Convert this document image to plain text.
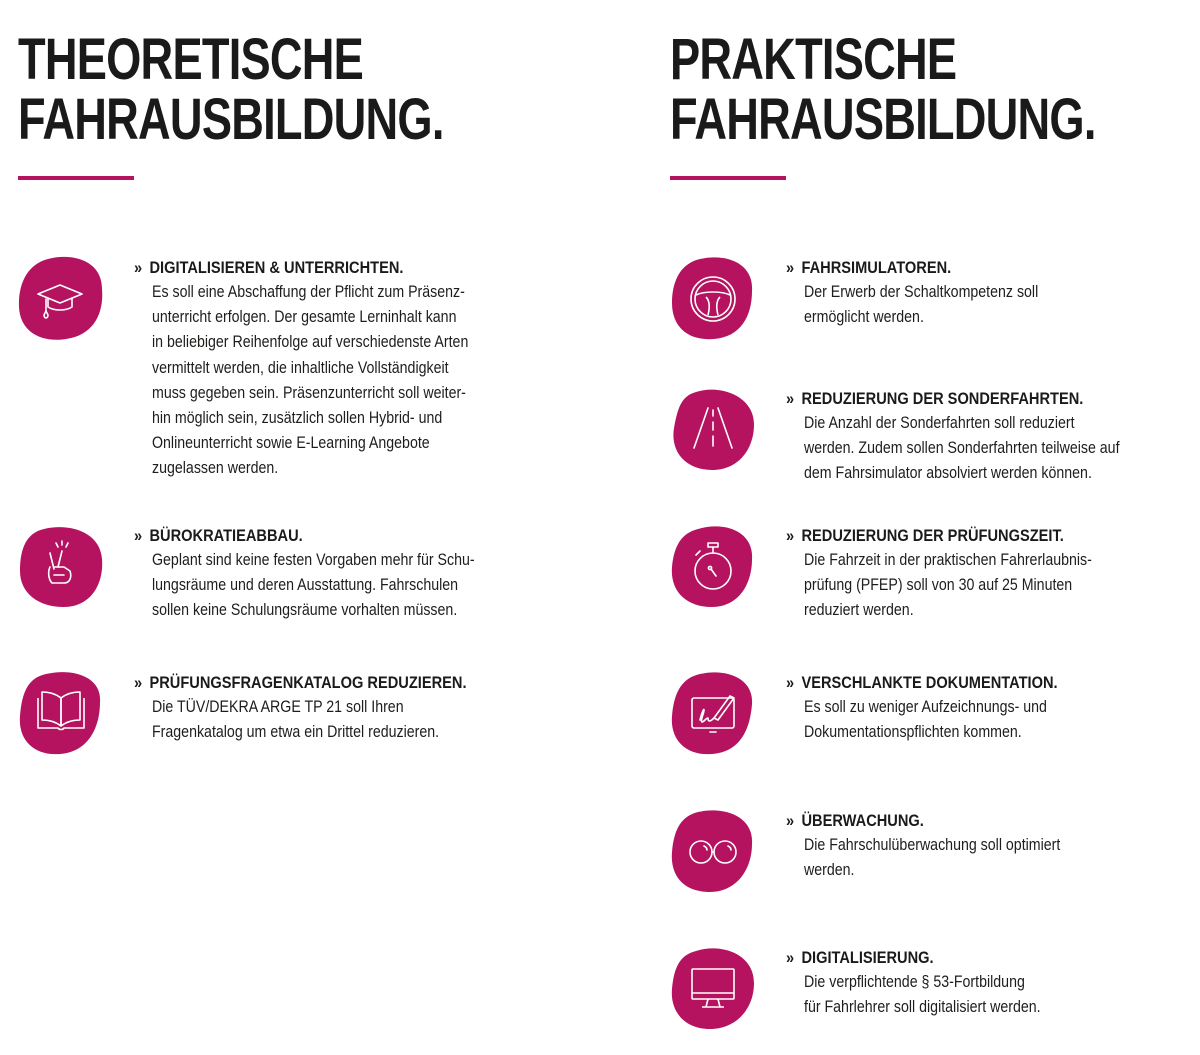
THEORETISCHE
FAHRAUSBILDUNG.
» DIGITALISIEREN & UNTERRICHTEN.
Es soll eine Abschaffung der Pflicht zum Präsenz-
unterricht erfolgen. Der gesamte Lerninhalt kann
in beliebiger Reihenfolge auf verschiedenste Arten
vermittelt werden, die inhaltliche Vollständigkeit
muss gegeben sein. Präsenzunterricht soll weiter-
hin möglich sein, zusätzlich sollen Hybrid- und
Onlineunterricht sowie E-Learning Angebote
zugelassen werden.
» BÜROKRATIEABBAU.
Geplant sind keine festen Vorgaben mehr für Schu-
lungsräume und deren Ausstattung. Fahrschulen
sollen keine Schulungsräume vorhalten müssen.
» PRÜFUNGSFRAGENKATALOG REDUZIEREN.
Die TÜV/DEKRA ARGE TP 21 soll Ihren
Fragenkatalog um etwa ein Drittel reduzieren.
PRAKTISCHE
FAHRAUSBILDUNG.
» FAHRSIMULATOREN.
Der Erwerb der Schaltkompetenz soll
ermöglicht werden.
» REDUZIERUNG DER SONDERFAHRTEN.
Die Anzahl der Sonderfahrten soll reduziert
werden. Zudem sollen Sonderfahrten teilweise auf
dem Fahrsimulator absolviert werden können.
» REDUZIERUNG DER PRÜFUNGSZEIT.
Die Fahrzeit in der praktischen Fahrerlaubnis-
prüfung (PFEP) soll von 30 auf 25 Minuten
reduziert werden.
» VERSCHLANKTE DOKUMENTATION.
Es soll zu weniger Aufzeichnungs- und
Dokumentationspflichten kommen.
» ÜBERWACHUNG.
Die Fahrschulüberwachung soll optimiert
werden.
» DIGITALISIERUNG.
Die verpflichtende § 53-Fortbildung
für Fahrlehrer soll digitalisiert werden.
